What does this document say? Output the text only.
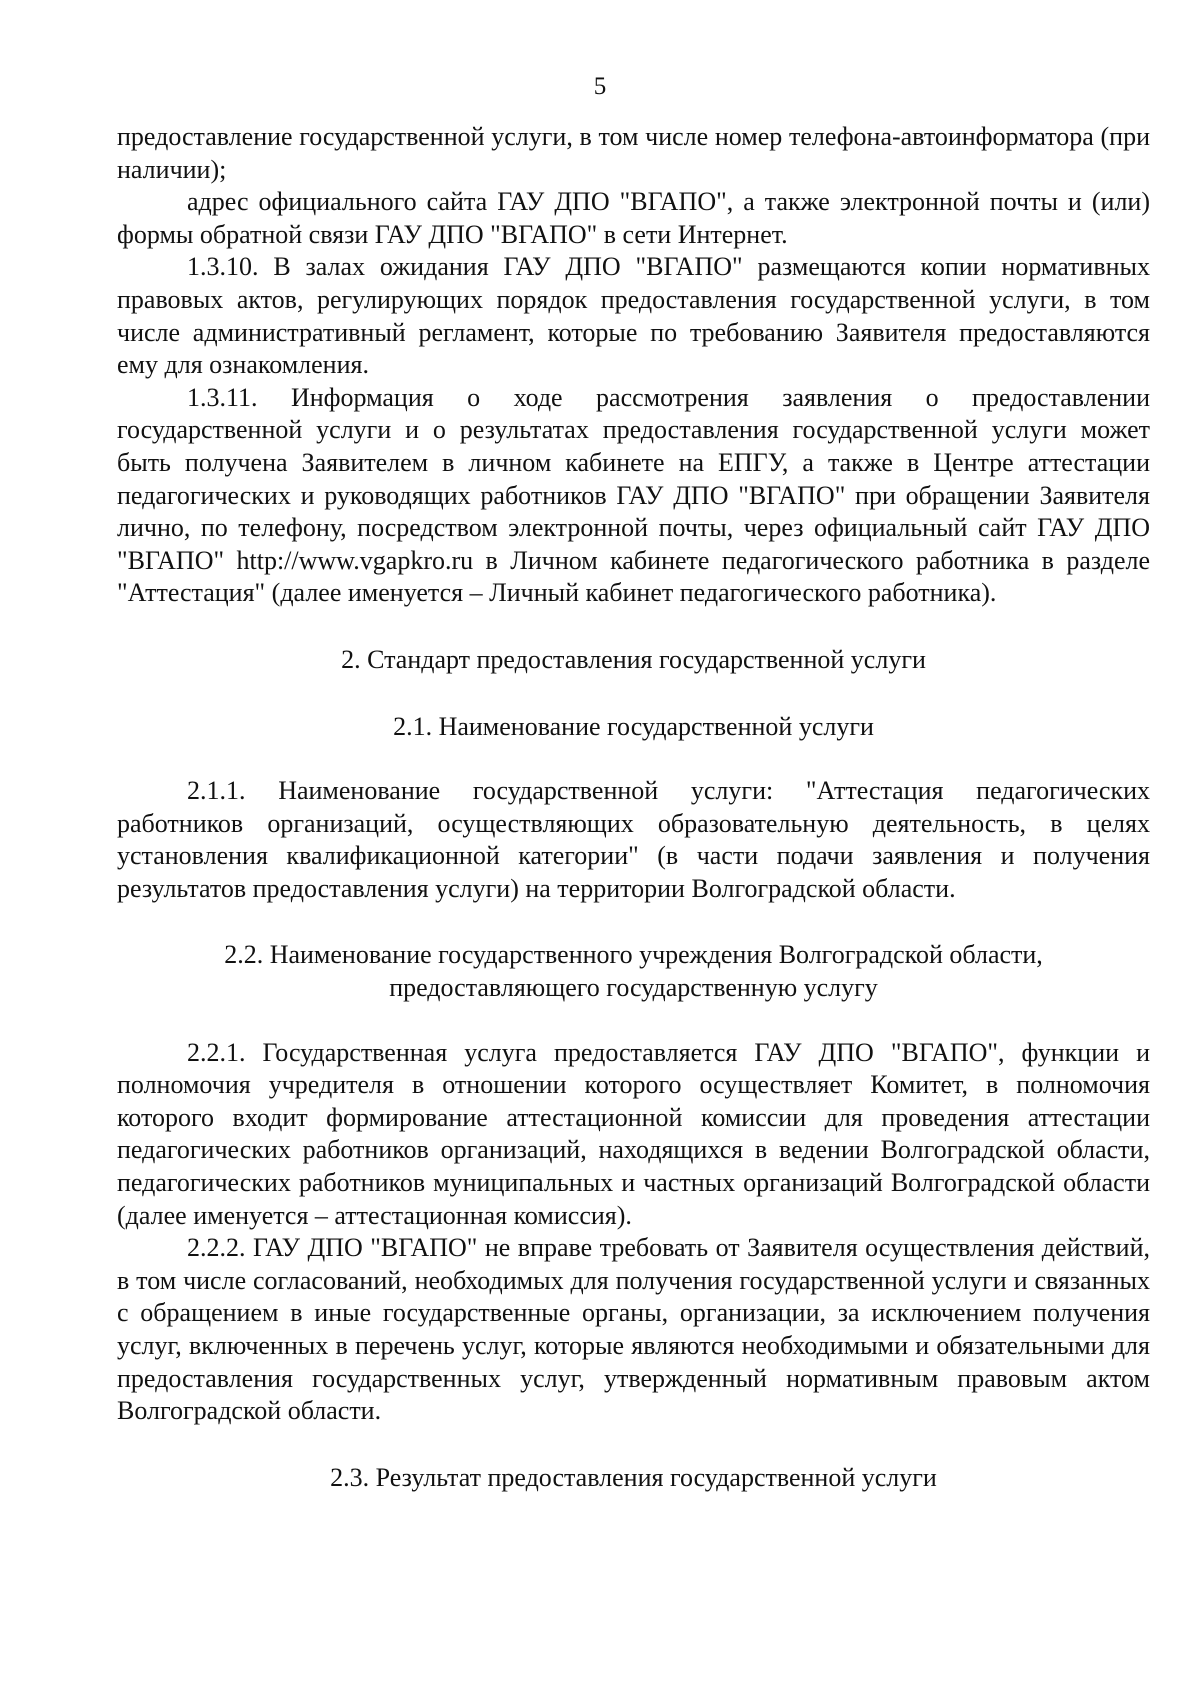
5

предоставление государственной услуги, в том числе номер телефона-автоинформатора (при наличии);

адрес официального сайта ГАУ ДПО "ВГАПО", а также электронной почты и (или) формы обратной связи ГАУ ДПО "ВГАПО" в сети Интернет.

1.3.10. В залах ожидания ГАУ ДПО "ВГАПО" размещаются копии нормативных правовых актов, регулирующих порядок предоставления государственной услуги, в том числе административный регламент, которые по требованию Заявителя предоставляются ему для ознакомления.

1.3.11. Информация о ходе рассмотрения заявления о предоставлении государственной услуги и о результатах предоставления государственной услуги может быть получена Заявителем в личном кабинете на ЕПГУ, а также в Центре аттестации педагогических и руководящих работников ГАУ ДПО "ВГАПО" при обращении Заявителя лично, по телефону, посредством электронной почты, через официальный сайт ГАУ ДПО "ВГАПО" http://www.vgapkro.ru в Личном кабинете педагогического работника в разделе "Аттестация" (далее именуется – Личный кабинет педагогического работника).

2. Стандарт предоставления государственной услуги

2.1. Наименование государственной услуги

2.1.1. Наименование государственной услуги: "Аттестация педагогических работников организаций, осуществляющих образовательную деятельность, в целях установления квалификационной категории" (в части подачи заявления и получения результатов предоставления услуги) на территории Волгоградской области.

2.2. Наименование государственного учреждения Волгоградской области,

предоставляющего государственную услугу

2.2.1. Государственная услуга предоставляется ГАУ ДПО "ВГАПО", функции и полномочия учредителя в отношении которого осуществляет Комитет, в полномочия которого входит формирование аттестационной комиссии для проведения аттестации педагогических работников организаций, находящихся в ведении Волгоградской области, педагогических работников муниципальных и частных организаций Волгоградской области (далее именуется – аттестационная комиссия).

2.2.2. ГАУ ДПО "ВГАПО" не вправе требовать от Заявителя осуществления действий, в том числе согласований, необходимых для получения государственной услуги и связанных с обращением в иные государственные органы, организации, за исключением получения услуг, включенных в перечень услуг, которые являются необходимыми и обязательными для предоставления государственных услуг, утвержденный нормативным правовым актом Волгоградской области.

2.3. Результат предоставления государственной услуги
